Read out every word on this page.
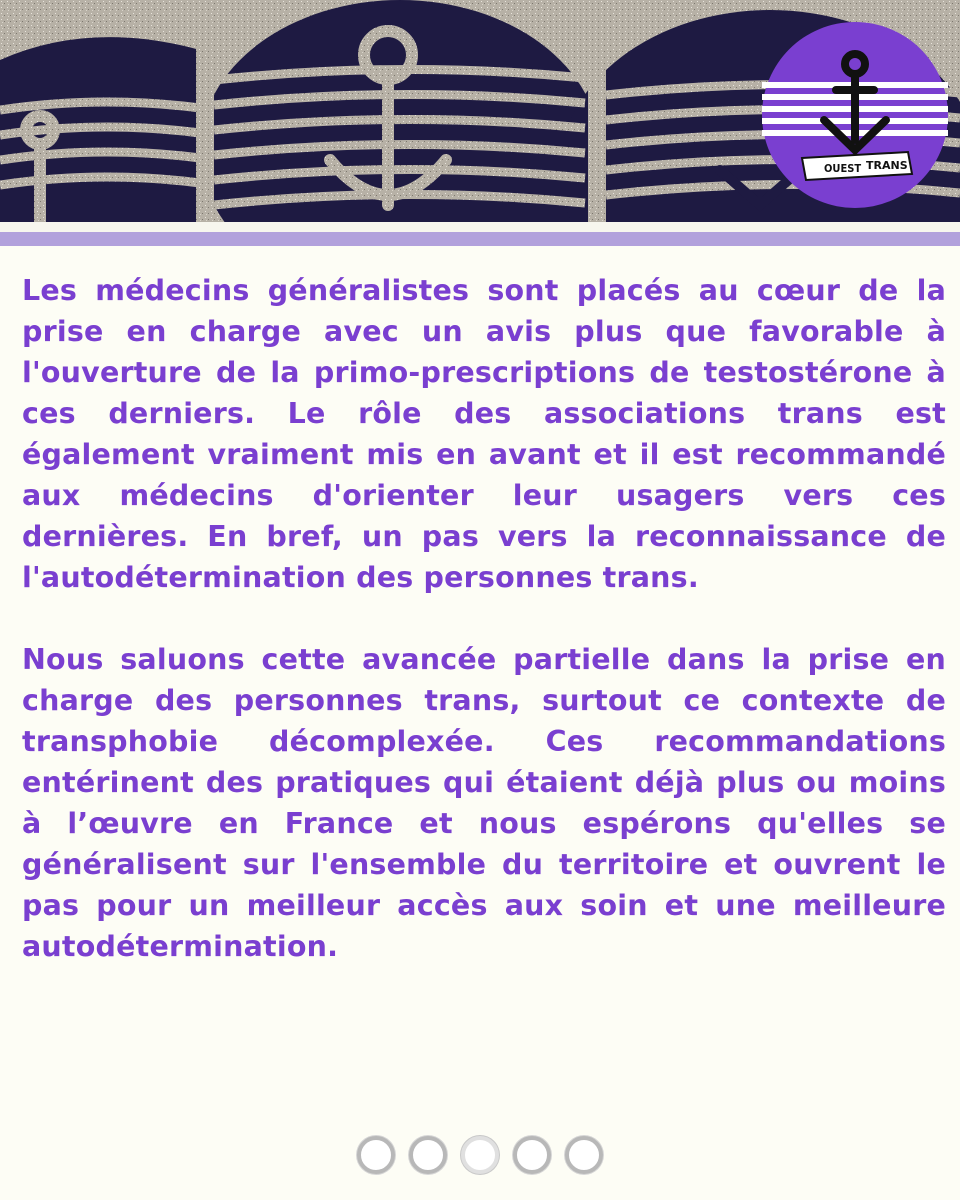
OUEST TRANS

Les médecins généralistes sont placés au cœur de la prise en charge avec un avis plus que favorable à l'ouverture de la primo-prescriptions de testostérone à ces derniers. Le rôle des associations trans est également vraiment mis en avant et il est recommandé aux médecins d'orienter leur usagers vers ces dernières. En bref, un pas vers la reconnaissance de l'autodétermination des personnes trans.

Nous saluons cette avancée partielle dans la prise en charge des personnes trans, surtout ce contexte de transphobie décomplexée. Ces recommandations entérinent des pratiques qui étaient déjà plus ou moins à l’œuvre en France et nous espérons qu'elles se généralisent sur l'ensemble du territoire et ouvrent le pas pour un meilleur accès aux soin et une meilleure autodétermination.
